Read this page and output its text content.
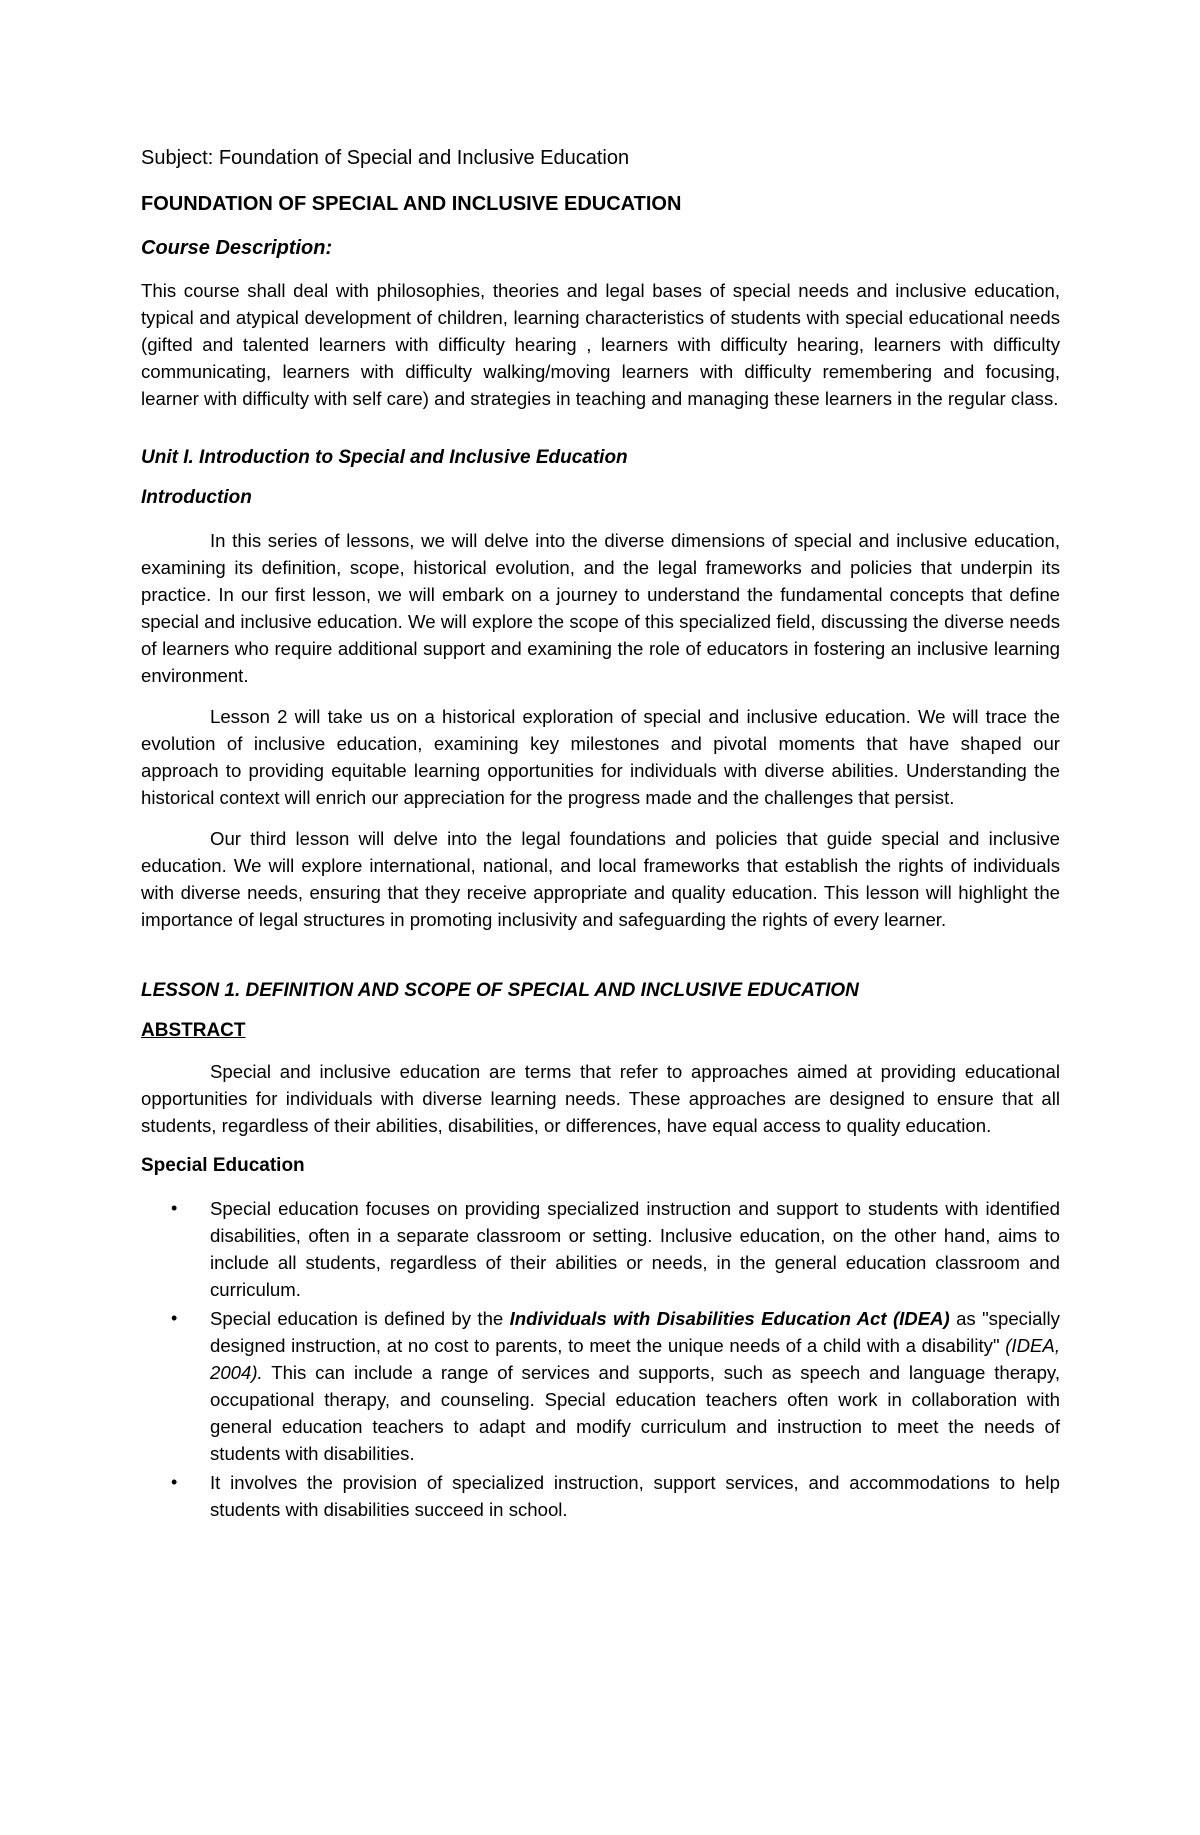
Subject: Foundation of Special and Inclusive Education
FOUNDATION OF SPECIAL AND INCLUSIVE EDUCATION
Course Description:

This course shall deal with philosophies, theories and legal bases of special needs and inclusive education, typical and atypical development of children, learning characteristics of students with special educational needs (gifted and talented learners with difficulty hearing , learners with difficulty hearing, learners with difficulty communicating, learners with difficulty walking/moving learners with difficulty remembering and focusing, learner with difficulty with self care) and strategies in teaching and managing these learners in the regular class.

Unit I. Introduction to Special and Inclusive Education
Introduction

In this series of lessons, we will delve into the diverse dimensions of special and inclusive education, examining its definition, scope, historical evolution, and the legal frameworks and policies that underpin its practice. In our first lesson, we will embark on a journey to understand the fundamental concepts that define special and inclusive education. We will explore the scope of this specialized field, discussing the diverse needs of learners who require additional support and examining the role of educators in fostering an inclusive learning environment.

Lesson 2 will take us on a historical exploration of special and inclusive education. We will trace the evolution of inclusive education, examining key milestones and pivotal moments that have shaped our approach to providing equitable learning opportunities for individuals with diverse abilities. Understanding the historical context will enrich our appreciation for the progress made and the challenges that persist.

Our third lesson will delve into the legal foundations and policies that guide special and inclusive education. We will explore international, national, and local frameworks that establish the rights of individuals with diverse needs, ensuring that they receive appropriate and quality education. This lesson will highlight the importance of legal structures in promoting inclusivity and safeguarding the rights of every learner.

LESSON 1. DEFINITION AND SCOPE OF SPECIAL AND INCLUSIVE EDUCATION
ABSTRACT

Special and inclusive education are terms that refer to approaches aimed at providing educational opportunities for individuals with diverse learning needs. These approaches are designed to ensure that all students, regardless of their abilities, disabilities, or differences, have equal access to quality education.

Special Education
• Special education focuses on providing specialized instruction and support to students with identified disabilities, often in a separate classroom or setting. Inclusive education, on the other hand, aims to include all students, regardless of their abilities or needs, in the general education classroom and curriculum.
• Special education is defined by the Individuals with Disabilities Education Act (IDEA) as "specially designed instruction, at no cost to parents, to meet the unique needs of a child with a disability" (IDEA, 2004). This can include a range of services and supports, such as speech and language therapy, occupational therapy, and counseling. Special education teachers often work in collaboration with general education teachers to adapt and modify curriculum and instruction to meet the needs of students with disabilities.
• It involves the provision of specialized instruction, support services, and accommodations to help students with disabilities succeed in school.
